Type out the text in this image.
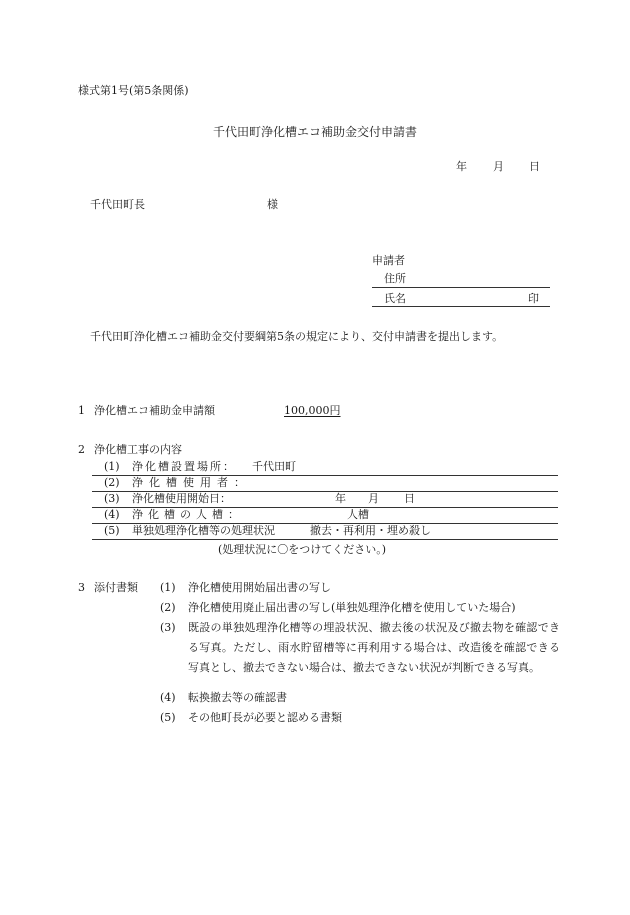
様式第1号(第5条関係)
千代田町浄化槽エコ補助金交付申請書
年 月 日
千代田町長	様
申請者
住所
氏名	印
千代田町浄化槽エコ補助金交付要綱第5条の規定により、交付申請書を提出します。
1 浄化槽エコ補助金申請額	100,000円
2 浄化槽工事の内容
(1) 浄化槽設置場所： 千代田町
(2) 浄化槽使用者：
(3) 浄化槽使用開始日：	年 月 日
(4) 浄化槽の人槽：	人槽
(5) 単独処理浄化槽等の処理状況	撤去・再利用・埋め殺し
(処理状況に〇をつけてください。)
3 添付書類 (1)	浄化槽使用開始届出書の写し
(2)	浄化槽使用廃止届出書の写し(単独処理浄化槽を使用していた場合)
(3)	既設の単独処理浄化槽等の埋設状況、撤去後の状況及び撤去物を確認できる写真。ただし、雨水貯留槽等に再利用する場合は、改造後を確認できる写真とし、撤去できない場合は、撤去できない状況が判断できる写真。
(4)	転換撤去等の確認書
(5)	その他町長が必要と認める書類
